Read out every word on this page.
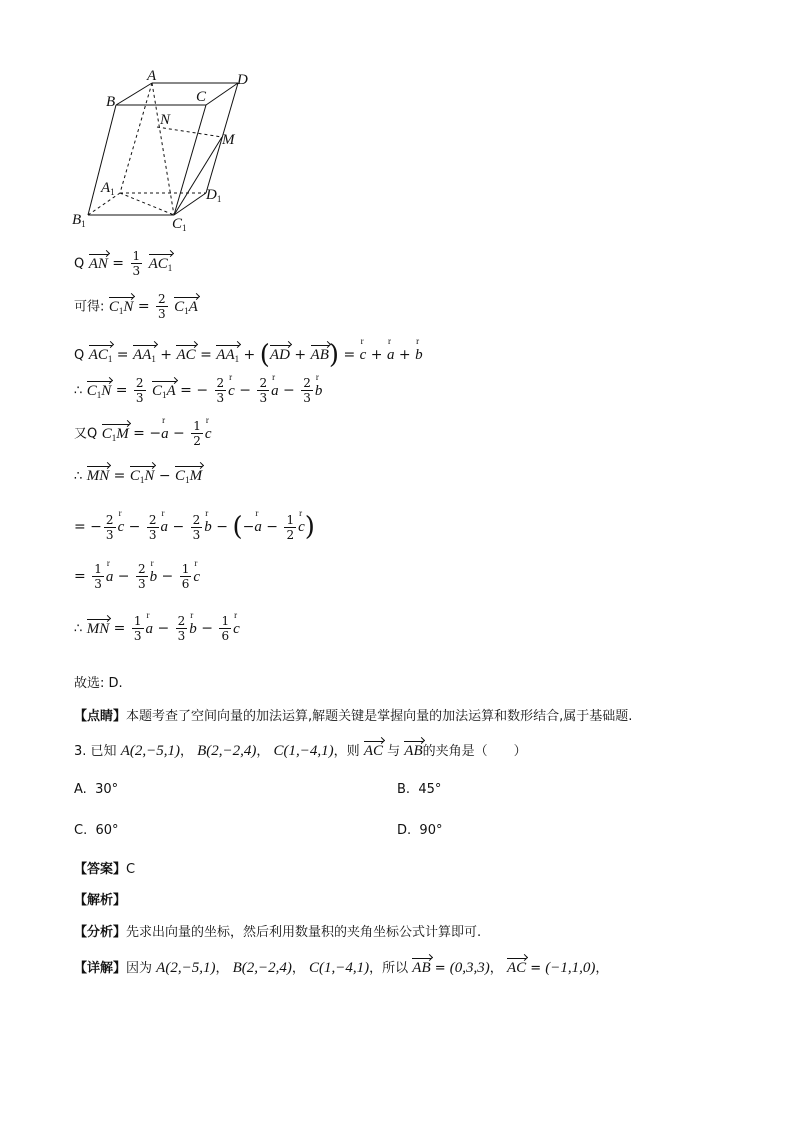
A	D
B	C
N
M
$A_1$	$D_1$
$B_1$	$C_1$
Q AN = $\frac{1}{3} AC_1$
可得: $C_1N = \frac{2}{3} C_1A$
Q $AC_1 = AA_1$ + AC = $AA_1 + (AD + AB) = r$ c + r a + r b
∴ $C_1N = \frac{2}{3} C_1A$ = − $\frac{2}{3}$ r $c - \frac{2}{3}$ r $a - \frac{2}{3}$ r b
又Q $C_1M = -r$ $a - \frac{1}{2}$ r c
∴ MN = $C_1N - C_1M$
= − $\frac{2}{3}$ r $c - \frac{2}{3}$ r $a - \frac{2}{3}$ r b − (−r $a - \frac{1}{2}$ r c)
= $\frac{1}{3}$ r $a - \frac{2}{3}$ r $b - \frac{1}{6}$ r c
∴ MN = $\frac{1}{3}$ r $a - \frac{2}{3}$ r $b - \frac{1}{6}$ r c
故选: D.
【点睛】本题考查了空间向量的加法运算,解题关键是掌握向量的加法运算和数形结合,属于基础题.
3. 已知 A(2,−5,1)， B(2,−2,4)， C(1,−4,1)，则 AC 与 AB的夹角是（　　）
A. 30°	B. 45°
C. 60°	D. 90°
【答案】C
【解析】
【分析】先求出向量的坐标，然后利用数量积的夹角坐标公式计算即可.
【详解】因为 A(2,−5,1)， B(2,−2,4)， C(1,−4,1)，所以 AB = (0,3,3)， AC = (−1,1,0)，
